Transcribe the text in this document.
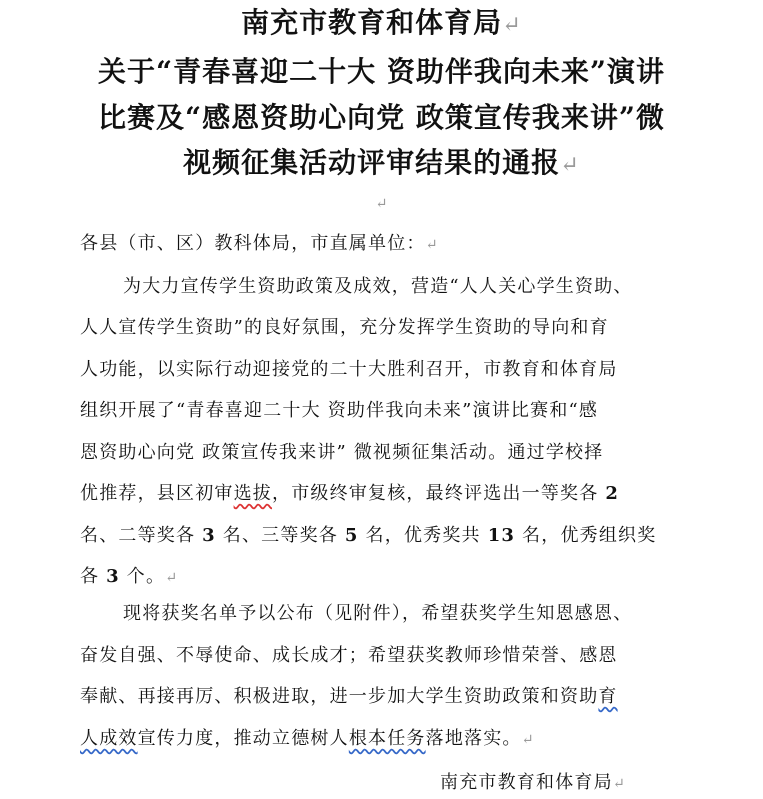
南充市教育和体育局↵
关于“青春喜迎二十大 资助伴我向未来”演讲
比赛及“感恩资助心向党 政策宣传我来讲”微
视频征集活动评审结果的通报↵
↵
各县（市、区）教科体局，市直属单位：↵
为大力宣传学生资助政策及成效，营造“人人关心学生资助、
人人宣传学生资助”的良好氛围，充分发挥学生资助的导向和育
人功能，以实际行动迎接党的二十大胜利召开，市教育和体育局
组织开展了“青春喜迎二十大 资助伴我向未来”演讲比赛和“感
恩资助心向党 政策宣传我来讲” 微视频征集活动。通过学校择
优推荐，县区初审选拔，市级终审复核，最终评选出一等奖各 2
名、二等奖各 3 名、三等奖各 5 名，优秀奖共 13 名，优秀组织奖
各 3 个。↵
现将获奖名单予以公布（见附件），希望获奖学生知恩感恩、
奋发自强、不辱使命、成长成才；希望获奖教师珍惜荣誉、感恩
奉献、再接再厉、积极进取，进一步加大学生资助政策和资助育
人成效宣传力度，推动立德树人根本任务落地落实。↵
南充市教育和体育局↵
